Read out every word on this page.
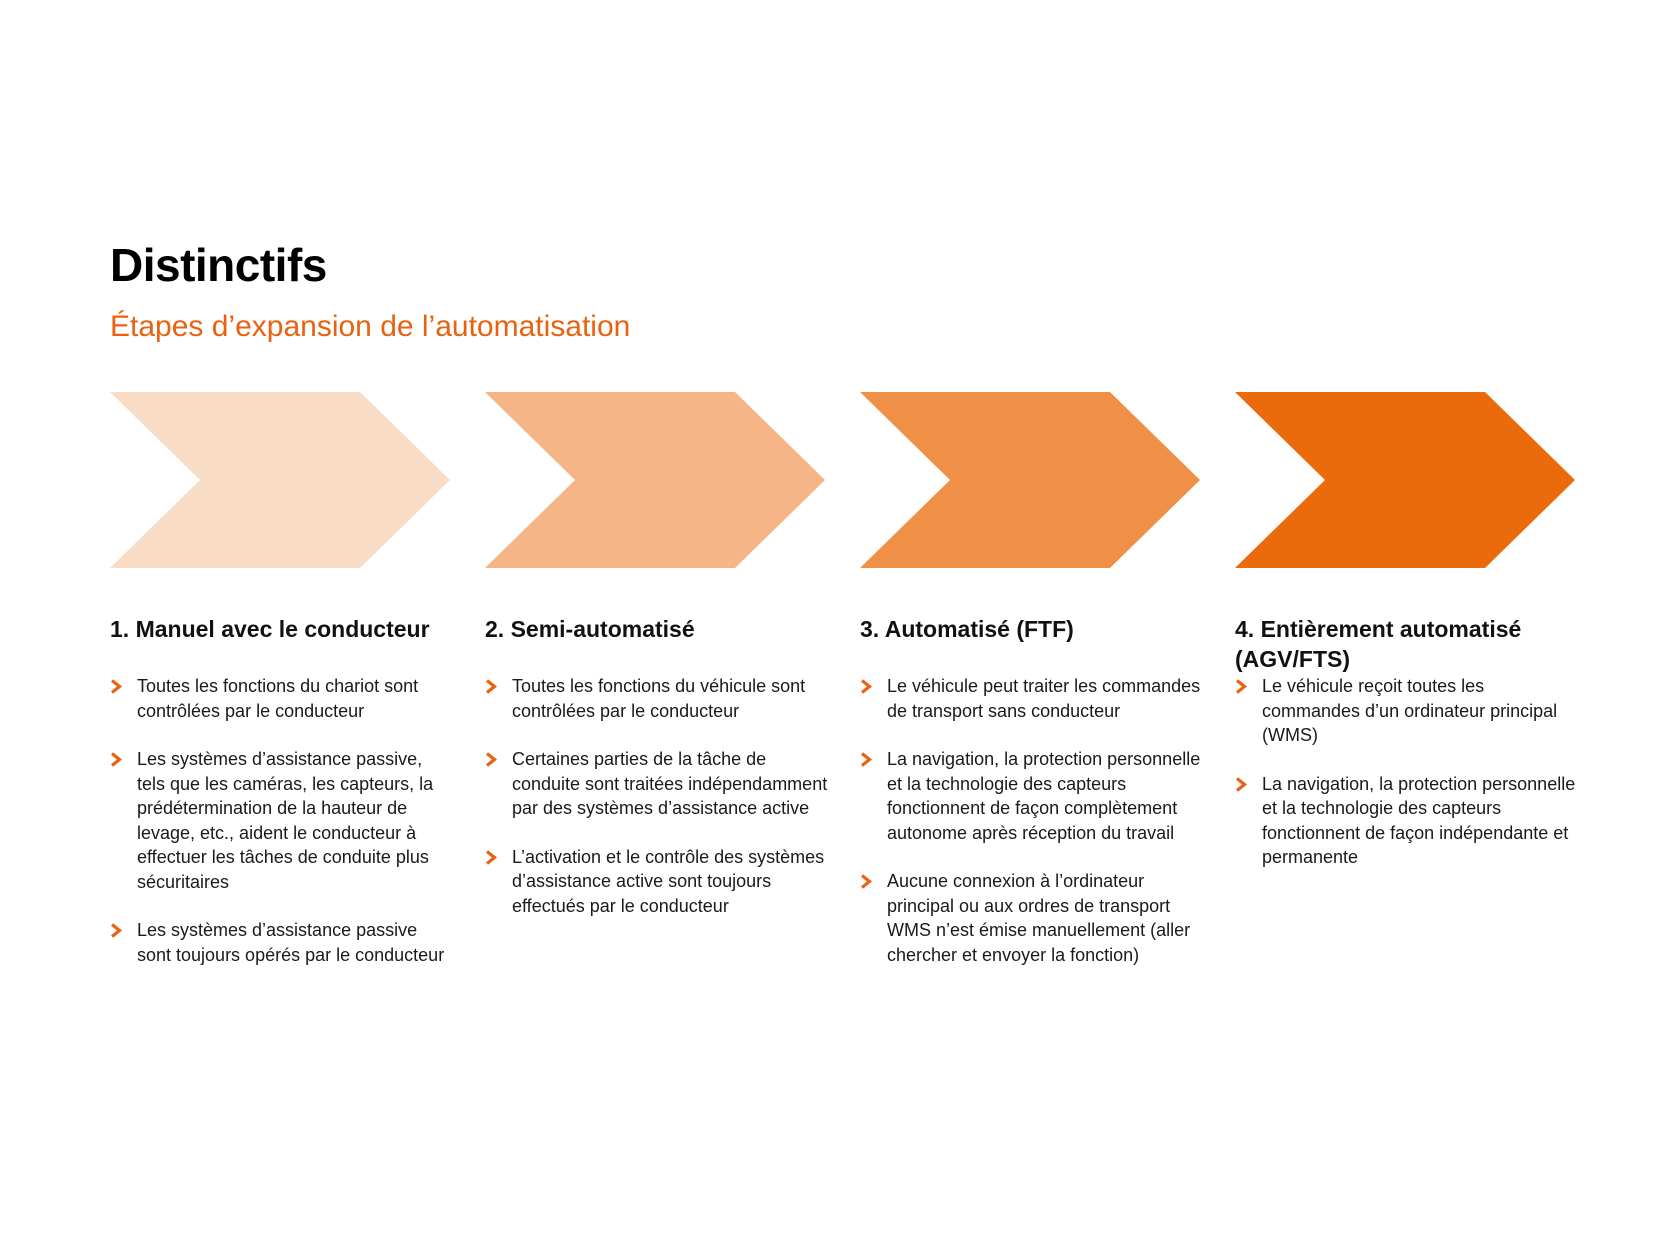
Distinctifs
Étapes d’expansion de l’automatisation
1. Manuel avec le conducteur
Toutes les fonctions du chariot sont contrôlées par le conducteur
Les systèmes d’assistance passive, tels que les caméras, les capteurs, la prédétermination de la hauteur de levage, etc., aident le conducteur à effectuer les tâches de conduite plus sécuritaires
Les systèmes d’assistance passive sont toujours opérés par le conducteur
2. Semi-automatisé
Toutes les fonctions du véhicule sont contrôlées par le conducteur
Certaines parties de la tâche de conduite sont traitées indépendamment par des systèmes d’assistance active
L’activation et le contrôle des systèmes d’assistance active sont toujours effectués par le conducteur
3. Automatisé (FTF)
Le véhicule peut traiter les commandes de transport sans conducteur
La navigation, la protection personnelle et la technologie des capteurs fonctionnent de façon complètement autonome après réception du travail
Aucune connexion à l’ordinateur principal ou aux ordres de transport WMS n’est émise manuellement (aller chercher et envoyer la fonction)
4. Entièrement automatisé (AGV/FTS)
Le véhicule reçoit toutes les commandes d’un ordinateur principal (WMS)
La navigation, la protection personnelle et la technologie des capteurs fonctionnent de façon indépendante et permanente
